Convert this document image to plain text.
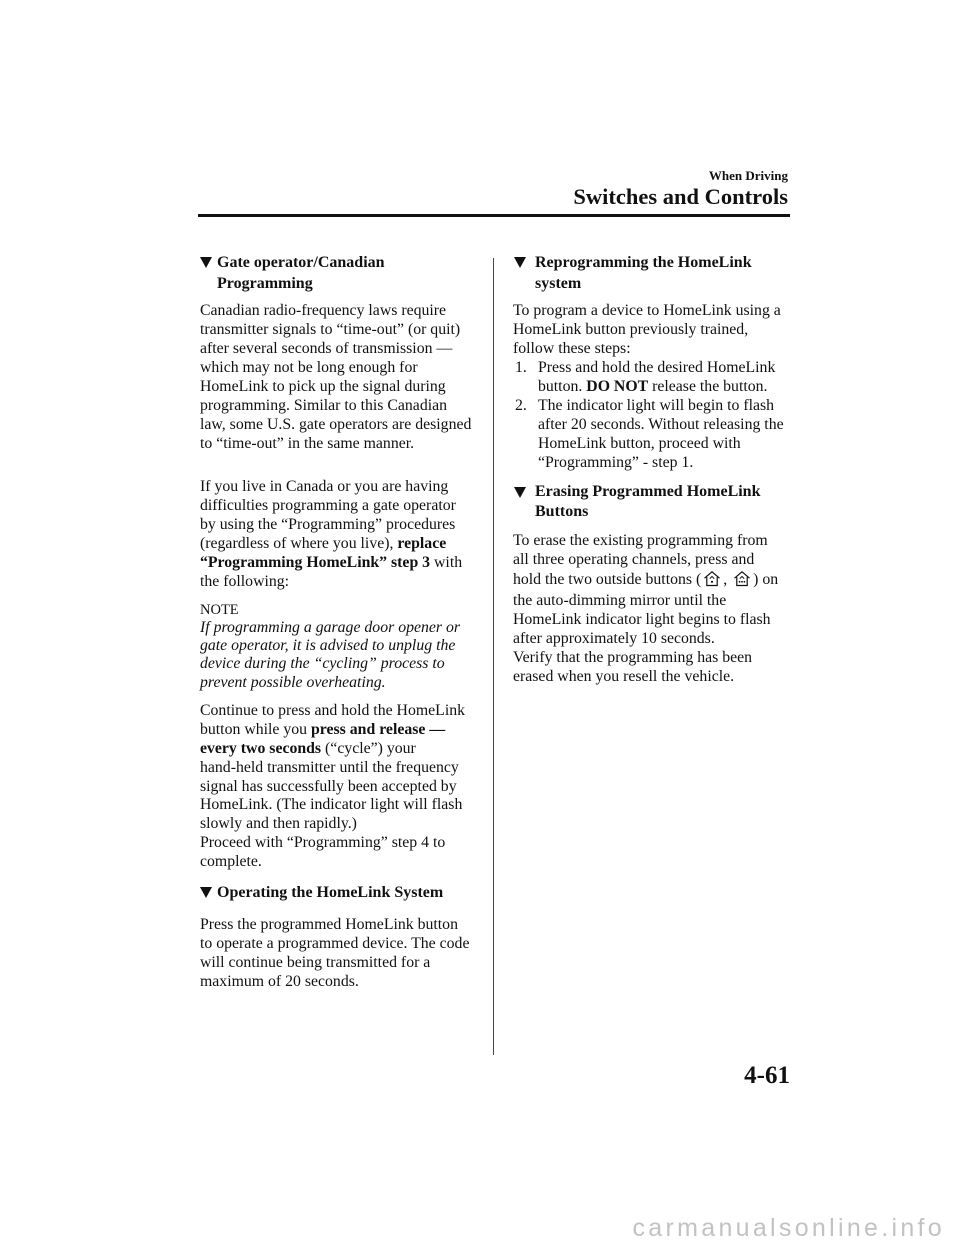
When Driving
Switches and Controls
Gate operator/Canadian
Programming
Canadian radio-frequency laws require
transmitter signals to “time-out” (or quit)
after several seconds of transmission ―
which may not be long enough for
HomeLink to pick up the signal during
programming. Similar to this Canadian
law, some U.S. gate operators are designed
to “time-out” in the same manner.
If you live in Canada or you are having
difficulties programming a gate operator
by using the “Programming” procedures
(regardless of where you live), replace
“Programming HomeLink” step 3 with
the following:
NOTE
If programming a garage door opener or
gate operator, it is advised to unplug the
device during the “cycling” process to
prevent possible overheating.
Continue to press and hold the HomeLink
button while you press and release ―
every two seconds (“cycle”) your
hand-held transmitter until the frequency
signal has successfully been accepted by
HomeLink. (The indicator light will flash
slowly and then rapidly.)
Proceed with “Programming” step 4 to
complete.
Operating the HomeLink System
Press the programmed HomeLink button
to operate a programmed device. The code
will continue being transmitted for a
maximum of 20 seconds.
Reprogramming the HomeLink
system
To program a device to HomeLink using a
HomeLink button previously trained,
follow these steps:
1. Press and hold the desired HomeLink
button. DO NOT release the button.
2. The indicator light will begin to flash
after 20 seconds. Without releasing the
HomeLink button, proceed with
“Programming” - step 1.
Erasing Programmed HomeLink
Buttons
To erase the existing programming from
all three operating channels, press and
hold the two outside buttons ( ,
) on
the auto-dimming mirror until the
HomeLink indicator light begins to flash
after approximately 10 seconds.
Verify that the programming has been
erased when you resell the vehicle.
4-61
carmanualsonline.info
